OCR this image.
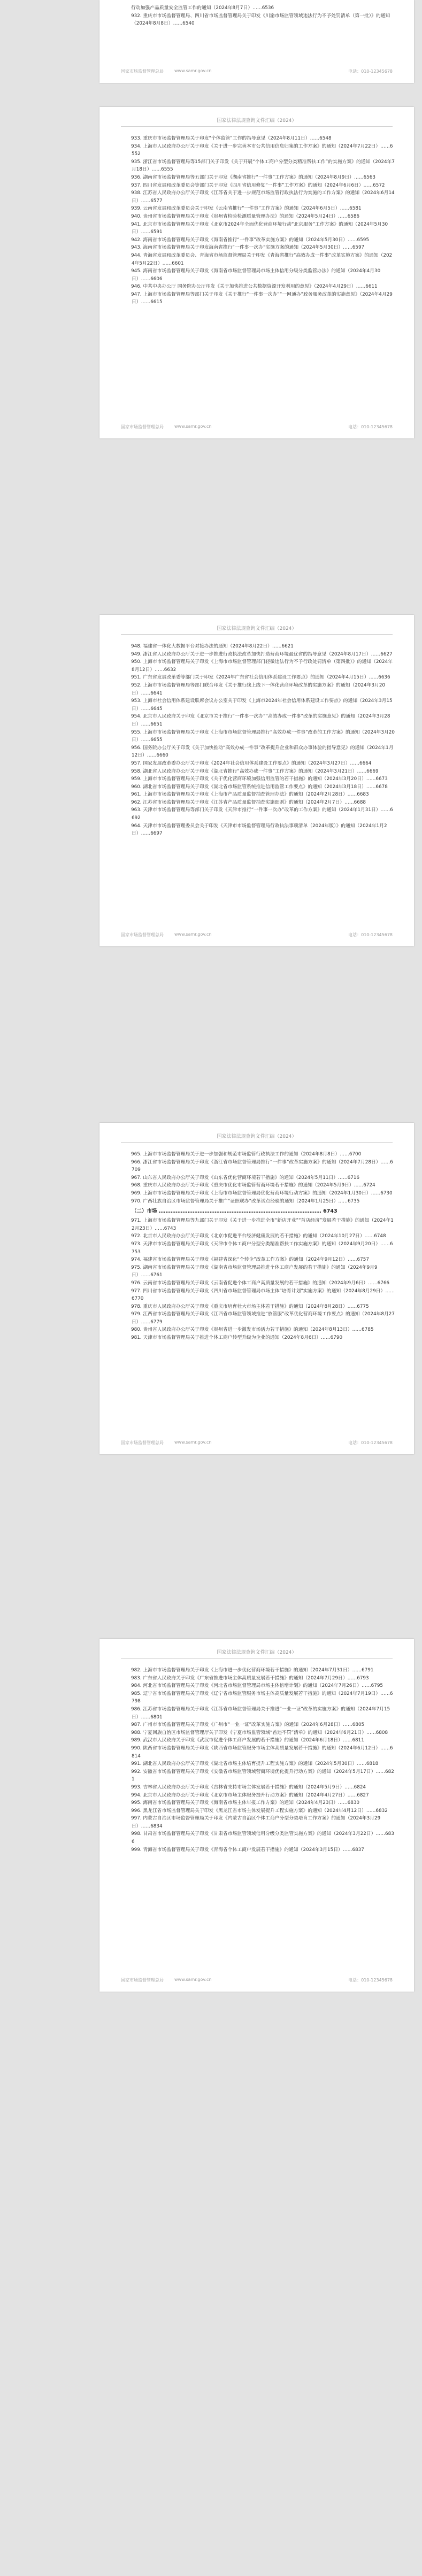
行动加强产品质量安全监管工作的通知（2024年8月7日）……6536
932. 重庆市市场监督管理局、四川省市场监督管理局关于印发《川渝市场监管领域违法行为不予处罚清单（第一批）》的通知（2024年8月8日）……6540
国家市场监督管理总局	www.samr.gov.cn	电话：010-12345678
国家法律法规查询文件汇编（2024）
933. 重庆市市场监督管理局关于印发“个体监管”工作的指导意见（2024年8月11日）……6548
934. 上海市人民政府办公厅关于印发《关于进一步完善本市公共信用信息归集的工作方案》的通知（2024年7月22日）……6552
935. 浙江省市场监督管理局等15部门关于印发《关于开展“个体工商户分型分类精准帮扶工作”的实施方案》的通知（2024年7月18日）……6555
936. 湖南省市场监督管理局等五部门关于印发《湖南省推行“一件事”工作方案》的通知（2024年8月9日）……6563
937. 四川省发展和改革委员会等部门关于印发《四川省信用修复“一件事”工作方案》的通知（2024年6月6日）……6572
938. 江苏省人民政府办公厅关于印发《江苏省关于进一步规范市场监管行政执法行为实施的工作方案》的通知（2024年6月14日）……6577
939. 云南省发展和改革委员会关于印发《云南省推行“一件事”工作方案》的通知（2024年6月5日）……6581
940. 贵州省市场监督管理局关于印发《贵州省检验检测质量管理办法》的通知（2024年5月24日）……6586
941. 北京市市场监督管理局关于印发《北京市2024年全面优化营商环境行动“北京服务”工作方案》的通知（2024年5月30日）……6591
942. 海南省市场监督管理局关于印发《海南省推行“一件事”改革实施方案》的通知（2024年5月30日）……6595
943. 海南省市场监督管理局关于印发海南省推行“一件事一次办”实施方案的通知（2024年5月30日）……6597
944. 青海省发展和改革委员会、青海省市场监督管理局关于印发《青海省推行“高效办成一件事”改革实施方案》的通知（2024年5月22日）……6601
945. 海南省市场监督管理局关于印发《海南省市场监督管理局市场主体信用分级分类监管办法》的通知（2024年4月30日）……6606
946. 中共中央办公厅 国务院办公厅印发《关于加快推进公共数据资源开发利用的意见》（2024年4月29日）……6611
947. 上海市市场监督管理局等部门关于印发《关于推行“一件事一次办”“一网通办”政务服务改革的实施意见》（2024年4月29日）……6615
国家市场监督管理总局	www.samr.gov.cn	电话：010-12345678
国家法律法规查询文件汇编（2024）
948. 福建省一体化大数据平台对接办法的通知（2024年8月22日）……6621
949. 浙江省人民政府办公厅关于进一步推进行政执法改革加快打造营商环境最优省的指导意见（2024年8月17日）……6627
950. 上海市市场监督管理局关于印发《上海市市场监督管理部门轻微违法行为不予行政处罚清单（第四批）》的通知（2024年8月12日）……6632
951. 广东省发展改革委等部门关于印发《2024年广东省社会信用体系建设工作要点》的通知（2024年4月15日）……6636
952. 上海市市场监督管理局等部门联合印发《关于推行线上线下一体化营商环境改革的实施方案》的通知（2024年3月20日）……6641
953. 上海市社会信用体系建设联席会议办公室关于印发《上海市2024年社会信用体系建设工作要点》的通知（2024年3月15日）……6645
954. 北京市人民政府关于印发《北京市关于推行“一件事一次办”“高效办成一件事”改革的实施意见》的通知（2024年3月28日）……6651
955. 上海市市场监督管理局关于印发《上海市市场监督管理局推行“高效办成一件事”改革的工作方案》的通知（2024年3月20日）……6655
956. 国务院办公厅关于印发《关于加快推动“高效办成一件事”改革提升企业和群众办事体验的指导意见》的通知（2024年1月12日）……6660
957. 国家发展改革委办公厅关于印发《2024年社会信用体系建设工作要点》的通知（2024年3月27日）……6664
958. 湖北省人民政府办公厅关于印发《湖北省推行“高效办成一件事”工作方案》的通知（2024年3月21日）……6669
959. 上海市市场监督管理局关于印发《关于优化营商环境加强信用监管的若干措施》的通知（2024年3月20日）……6673
960. 湖北省市场监督管理局关于印发《湖北省市场监管系统推进信用监管工作要点》的通知（2024年3月18日）……6678
961. 上海市市场监督管理局关于印发《上海市产品质量监督抽查管理办法》的通知（2024年2月28日）……6683
962. 江苏省市场监督管理局关于印发《江苏省产品质量监督抽查实施细则》的通知（2024年2月7日）……6688
963. 天津市市场监督管理局等部门关于印发《天津市推行“一件事一次办”改革的工作方案》的通知（2024年1月31日）……6692
964. 天津市市场监督管理委员会关于印发《天津市市场监督管理局行政执法事项清单（2024年版）》的通知（2024年1月2日）……6697
国家市场监督管理总局	www.samr.gov.cn	电话：010-12345678
国家法律法规查询文件汇编（2024）
965. 上海市市场监督管理局关于进一步加强和规范市场监管行政执法工作的通知（2024年8月8日）……6700
966. 浙江省市场监督管理局关于印发《浙江省市场监督管理局推行“一件事”改革实施方案》的通知（2024年7月28日）……6709
967. 山东省人民政府办公厅关于印发《山东省优化营商环境若干措施》的通知（2024年5月11日）……6716
968. 重庆市人民政府办公厅关于印发《重庆市优化市场监管营商环境若干措施》的通知（2024年5月9日）……6724
969. 上海市市场监督管理局关于印发《上海市市场监督管理局优化营商环境行动方案》的通知（2024年1月30日）……6730
970. 广西壮族自治区市场监督管理局关于推广“证照联办”改革试点经验的通知（2024年1月25日）……6735
（二）市场 …………………………………………………………………………………… 6743
971. 上海市市场监督管理局等九部门关于印发《关于进一步推进全市“新店开业”“首店经济”发展若干措施》的通知（2024年12月23日）……6743
972. 北京市人民政府办公厅关于印发《北京市促进平台经济健康发展的若干措施》的通知（2024年10月27日）……6748
973. 天津市市场监督管理局关于印发《天津市个体工商户分型分类精准帮扶工作实施方案》的通知（2024年9月20日）……6753
974. 福建省市场监督管理局关于印发《福建省深化“个转企”改革工作方案》的通知（2024年9月12日）……6757
975. 湖南省市场监督管理局关于印发《湖南省市场监督管理局推进个体工商户发展的若干措施》的通知（2024年9月9日）……6761
976. 云南省市场监督管理局关于印发《云南省促进个体工商户高质量发展的若干措施》的通知（2024年9月6日）……6766
977. 四川省市场监督管理局关于印发《四川省市场监督管理局市场主体“培育计划”实施方案》的通知（2024年8月29日）……6770
978. 重庆市人民政府办公厅关于印发《重庆市培育壮大市场主体若干措施》的通知（2024年8月28日）……6775
979. 江西省市场监督管理局关于印发《江西省市场监管领域推进“放管服”改革优化营商环境工作要点》的通知（2024年8月27日）……6779
980. 贵州省人民政府办公厅关于印发《贵州省进一步激发市场活力若干措施》的通知（2024年8月13日）……6785
981. 天津市市场监督管理局关于推进个体工商户转型升级为企业的通知（2024年8月6日）……6790
国家市场监督管理总局	www.samr.gov.cn	电话：010-12345678
国家法律法规查询文件汇编（2024）
982. 上海市市场监督管理局关于印发《上海市进一步优化营商环境若干措施》的通知（2024年7月31日）……6791
983. 广东省人民政府关于印发《广东省推进市场主体高质量发展若干措施》的通知（2024年7月29日）……6793
984. 河北省市场监督管理局关于印发《河北省市场监督管理局市场主体倍增计划》的通知（2024年7月26日）……6795
985. 辽宁省市场监督管理局关于印发《辽宁省市场监管服务市场主体高质量发展若干措施》的通知（2024年7月19日）……6798
986. 江苏省市场监督管理局关于印发《江苏省市场监督管理局关于推进“一业一证”改革的实施方案》的通知（2024年7月15日）……6801
987. 广州市市场监督管理局关于印发《广州市“一业一证”改革实施方案》的通知（2024年6月28日）……6805
988. 宁夏回族自治区市场监督管理厅关于印发《宁夏市场监管领域“首违不罚”清单》的通知（2024年6月21日）……6808
989. 武汉市人民政府关于印发《武汉市促进个体工商户发展的若干措施》的通知（2024年6月18日）……6811
990. 陕西省市场监督管理局关于印发《陕西省市场监管服务市场主体高质量发展若干措施》的通知（2024年6月12日）……6814
991. 湖北省人民政府办公厅关于印发《湖北省市场主体培育提升工程实施方案》的通知（2024年5月30日）……6818
992. 安徽省市场监督管理局关于印发《安徽省市场监管领域营商环境优化提升行动方案》的通知（2024年5月17日）……6821
993. 吉林省人民政府办公厅关于印发《吉林省支持市场主体发展若干措施》的通知（2024年5月9日）……6824
994. 北京市人民政府办公厅关于印发《北京市市场主体服务提升行动方案》的通知（2024年4月27日）……6827
995. 海南省市场监督管理局关于印发《海南省市场主体年报工作方案》的通知（2024年4月23日）……6830
996. 黑龙江省市场监督管理局关于印发《黑龙江省市场主体发展提升工程实施方案》的通知（2024年4月12日）……6832
997. 内蒙古自治区市场监督管理局关于印发《内蒙古自治区个体工商户分型分类培育工作方案》的通知（2024年3月29日）……6834
998. 甘肃省市场监督管理局关于印发《甘肃省市场监管领域信用分级分类监管实施方案》的通知（2024年3月22日）……6836
999. 青海省市场监督管理局关于印发《青海省个体工商户发展若干措施》的通知（2024年3月15日）……6837
国家市场监督管理总局	www.samr.gov.cn	电话：010-12345678
